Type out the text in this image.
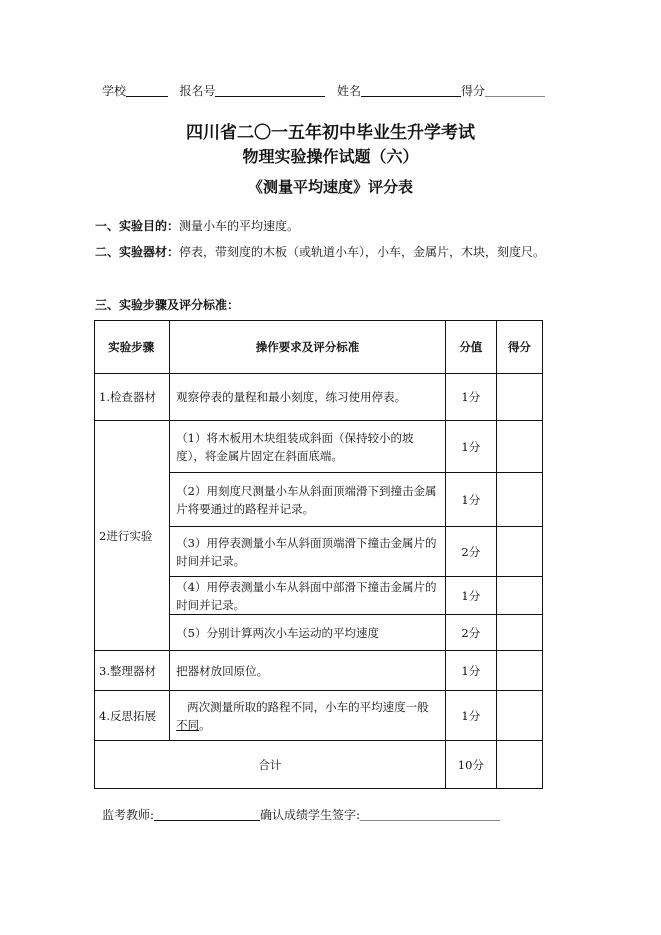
学校	报名号	姓名	得分
四川省二〇一五年初中毕业生升学考试
物理实验操作试题（六）
《测量平均速度》评分表
一、实验目的：测量小车的平均速度。
二、实验器材：停表，带刻度的木板（或轨道小车），小车，金属片，木块，刻度尺。
三、实验步骤及评分标准：
实验步骤	操作要求及评分标准	分值	得分
1.检查器材	观察停表的量程和最小刻度，练习使用停表。	1分	
2进行实验	（1）将木板用木块组装成斜面（保持较小的坡度），将金属片固定在斜面底端。	1分	
	（2）用刻度尺测量小车从斜面顶端滑下到撞击金属片将要通过的路程并记录。	1分	
	（3）用停表测量小车从斜面顶端滑下撞击金属片的时间并记录。	2分	
	（4）用停表测量小车从斜面中部滑下撞击金属片的时间并记录。	1分	
	（5）分别计算两次小车运动的平均速度	2分	
3.整理器材	把器材放回原位。	1分	
4.反思拓展	两次测量所取的路程不同，小车的平均速度一般不同。	1分	
合计		10分	
监考教师:	确认成绩学生签字:
